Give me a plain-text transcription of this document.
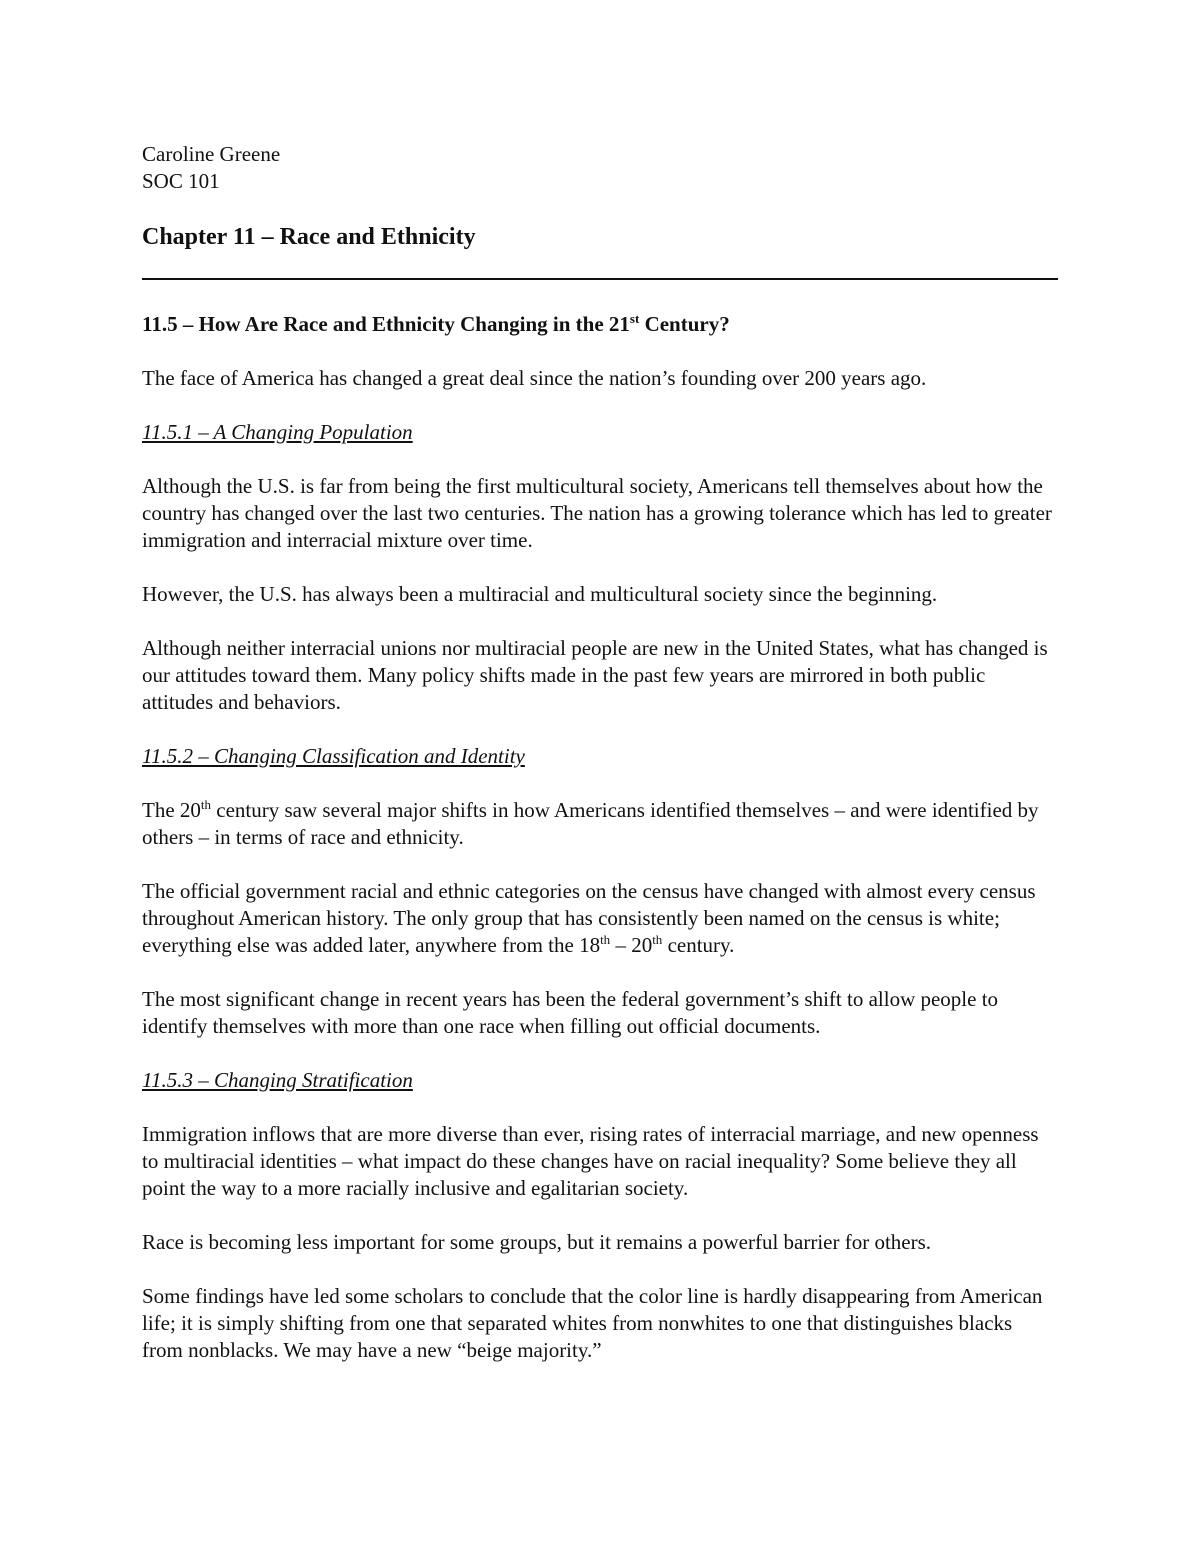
Caroline Greene

SOC 101

Chapter 11 – Race and Ethnicity

11.5 – How Are Race and Ethnicity Changing in the 21st Century?

The face of America has changed a great deal since the nation’s founding over 200 years ago.

11.5.1 – A Changing Population

Although the U.S. is far from being the first multicultural society, Americans tell themselves about how the country has changed over the last two centuries. The nation has a growing tolerance which has led to greater immigration and interracial mixture over time.

However, the U.S. has always been a multiracial and multicultural society since the beginning.

Although neither interracial unions nor multiracial people are new in the United States, what has changed is our attitudes toward them. Many policy shifts made in the past few years are mirrored in both public attitudes and behaviors.

11.5.2 – Changing Classification and Identity

The 20th century saw several major shifts in how Americans identified themselves – and were identified by others – in terms of race and ethnicity.

The official government racial and ethnic categories on the census have changed with almost every census throughout American history. The only group that has consistently been named on the census is white; everything else was added later, anywhere from the 18th – 20th century.

The most significant change in recent years has been the federal government’s shift to allow people to identify themselves with more than one race when filling out official documents.

11.5.3 – Changing Stratification

Immigration inflows that are more diverse than ever, rising rates of interracial marriage, and new openness to multiracial identities – what impact do these changes have on racial inequality? Some believe they all point the way to a more racially inclusive and egalitarian society.

Race is becoming less important for some groups, but it remains a powerful barrier for others.

Some findings have led some scholars to conclude that the color line is hardly disappearing from American life; it is simply shifting from one that separated whites from nonwhites to one that distinguishes blacks from nonblacks. We may have a new “beige majority.”
